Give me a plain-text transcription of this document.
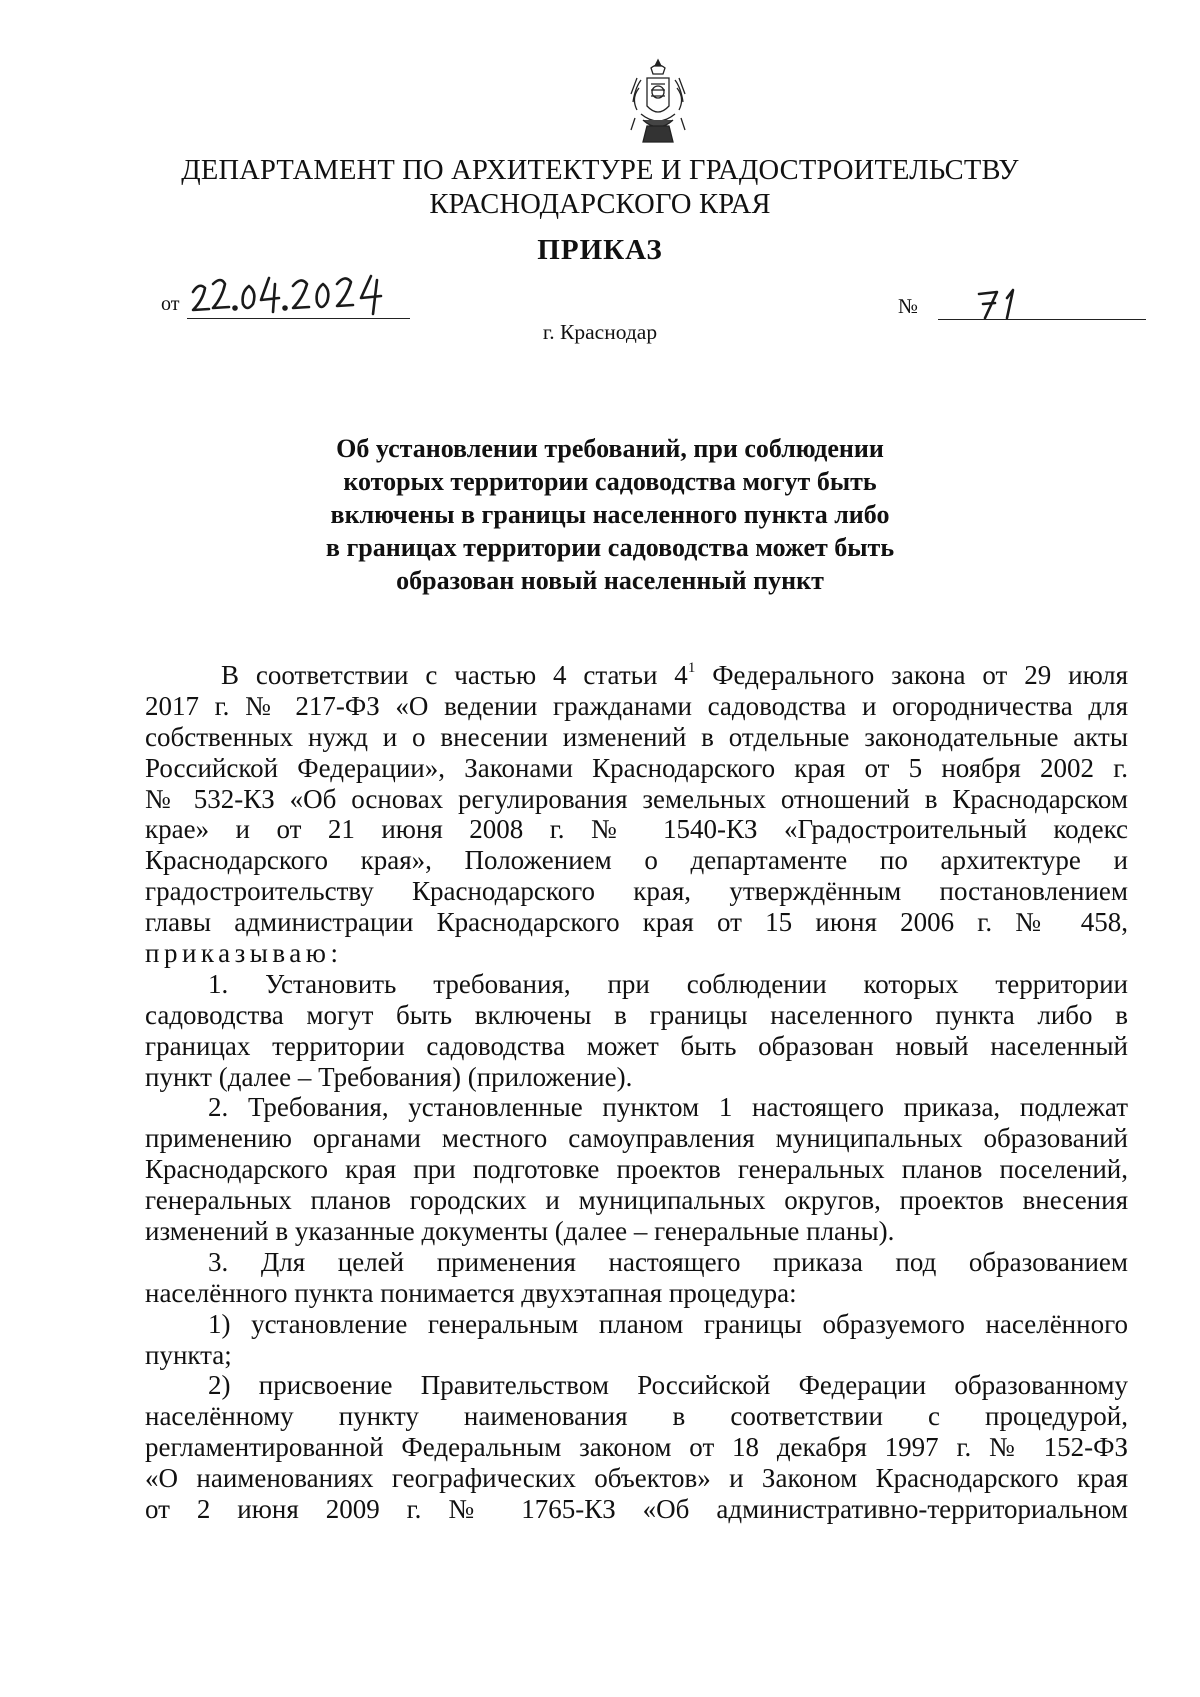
ДЕПАРТАМЕНТ ПО АРХИТЕКТУРЕ И ГРАДОСТРОИТЕЛЬСТВУ
КРАСНОДАРСКОГО КРАЯ
ПРИКАЗ
от	№
г. Краснодар
Об установлении требований, при соблюдении
которых территории садоводства могут быть
включены в границы населенного пункта либо
в границах территории садоводства может быть
образован новый населенный пункт

В соответствии с частью 4 статьи $4^1$ Федерального закона от 29 июля
2017 г. № 217-ФЗ «О ведении гражданами садоводства и огородничества для
собственных нужд и о внесении изменений в отдельные законодательные акты
Российской Федерации», Законами Краснодарского края от 5 ноября 2002 г.
№ 532-КЗ «Об основах регулирования земельных отношений в Краснодарском
крае» и от 21 июня 2008 г. № 1540-КЗ «Градостроительный кодекс
Краснодарского края», Положением о департаменте по архитектуре и
градостроительству Краснодарского края, утверждённым постановлением
главы администрации Краснодарского края от 15 июня 2006 г. № 458,
приказываю:

1. Установить требования, при соблюдении которых территории
садоводства могут быть включены в границы населенного пункта либо в
границах территории садоводства может быть образован новый населенный
пункт (далее – Требования) (приложение).

2. Требования, установленные пунктом 1 настоящего приказа, подлежат
применению органами местного самоуправления муниципальных образований
Краснодарского края при подготовке проектов генеральных планов поселений,
генеральных планов городских и муниципальных округов, проектов внесения
изменений в указанные документы (далее – генеральные планы).

3. Для целей применения настоящего приказа под образованием
населённого пункта понимается двухэтапная процедура:

1) установление генеральным планом границы образуемого населённого
пункта;

2) присвоение Правительством Российской Федерации образованному
населённому пункту наименования в соответствии с процедурой,
регламентированной Федеральным законом от 18 декабря 1997 г. № 152-ФЗ
«О наименованиях географических объектов» и Законом Краснодарского края
от 2 июня 2009 г. № 1765-КЗ «Об административно-территориальном
